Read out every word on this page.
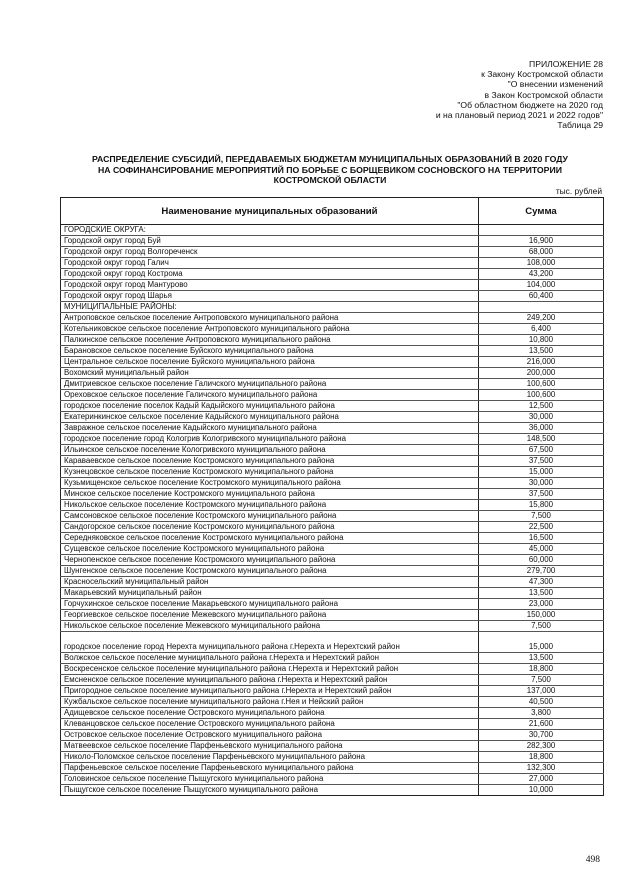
ПРИЛОЖЕНИЕ 28
к Закону Костромской области
"О внесении изменений
в Закон Костромской области
"Об областном бюджете на 2020 год
и на плановый период 2021 и 2022 годов"
Таблица 29
РАСПРЕДЕЛЕНИЕ СУБСИДИЙ, ПЕРЕДАВАЕМЫХ БЮДЖЕТАМ МУНИЦИПАЛЬНЫХ ОБРАЗОВАНИЙ В 2020 ГОДУ
НА СОФИНАНСИРОВАНИЕ МЕРОПРИЯТИЙ ПО БОРЬБЕ С БОРЩЕВИКОМ СОСНОВСКОГО НА ТЕРРИТОРИИ
КОСТРОМСКОЙ ОБЛАСТИ
тыс. рублей
Наименование муниципальных образований	Сумма
ГОРОДСКИЕ ОКРУГА:	
Городской округ город Буй	16,900
Городской округ город Волгореченск	68,000
Городской округ город Галич	108,000
Городской округ город Кострома	43,200
Городской округ город Мантурово	104,000
Городской округ город Шарья	60,400
МУНИЦИПАЛЬНЫЕ РАЙОНЫ:	
Антроповское сельское поселение Антроповского муниципального района	249,200
Котельниковское сельское поселение Антроповского муниципального района	6,400
Палкинское сельское поселение Антроповского муниципального района	10,800
Барановское сельское поселение Буйского муниципального района	13,500
Центральное сельское поселение Буйского муниципального района	216,000
Вохомский муниципальный район	200,000
Дмитриевское сельское поселение Галичского муниципального района	100,600
Ореховское сельское поселение Галичского муниципального района	100,600
городское поселение поселок Кадый Кадыйского муниципального района	12,500
Екатеринкинское сельское поселение Кадыйского муниципального района	30,000
Завражное сельское поселение Кадыйского муниципального района	36,000
городское поселение город Кологрив Кологривского муниципального района	148,500
Ильинское сельское поселение Кологривского муниципального района	67,500
Караваевское сельское поселение Костромского муниципального района	37,500
Кузнецовское сельское поселение Костромского муниципального района	15,000
Кузьмищенское сельское поселение Костромского муниципального района	30,000
Минское сельское поселение Костромского муниципального района	37,500
Никольское сельское поселение Костромского муниципального района	15,800
Самсоновское сельское поселение Костромского муниципального района	7,500
Сандогорское сельское поселение Костромского муниципального района	22,500
Середняковское сельское поселение Костромского муниципального района	16,500
Сущевское сельское поселение Костромского муниципального района	45,000
Чернопенское сельское поселение Костромского муниципального района	60,000
Шунгенское сельское поселение Костромского муниципального района	279,700
Красносельский муниципальный район	47,300
Макарьевский муниципальный район	13,500
Горчухинское сельское поселение Макарьевского муниципального района	23,000
Георгиевское сельское поселение Межевского муниципального района	150,000
Никольское сельское поселение Межевского муниципального района	7,500
городское поселение город Нерехта муниципального района г.Нерехта и Нерехтский район	15,000
Волжское сельское поселение муниципального района г.Нерехта и Нерехтский район	13,500
Воскресенское сельское поселение муниципального района г.Нерехта и Нерехтский район	18,800
Емсненское сельское поселение муниципального района г.Нерехта и Нерехтский район	7,500
Пригородное сельское поселение муниципального района г.Нерехта и Нерехтский район	137,000
Кужбальское сельское поселение муниципального района г.Нея и Нейский район	40,500
Адищевское сельское поселение Островского муниципального района	3,800
Клеванцовское сельское поселение Островского муниципального района	21,600
Островское сельское поселение Островского муниципального района	30,700
Матвеевское сельское поселение Парфеньевского муниципального района	282,300
Николо-Поломское сельское поселение Парфеньевского муниципального района	18,800
Парфеньевское сельское поселение Парфеньевского муниципального района	132,300
Головинское сельское поселение Пыщугского муниципального района	27,000
Пыщугское сельское поселение Пыщугского муниципального района	10,000
498
